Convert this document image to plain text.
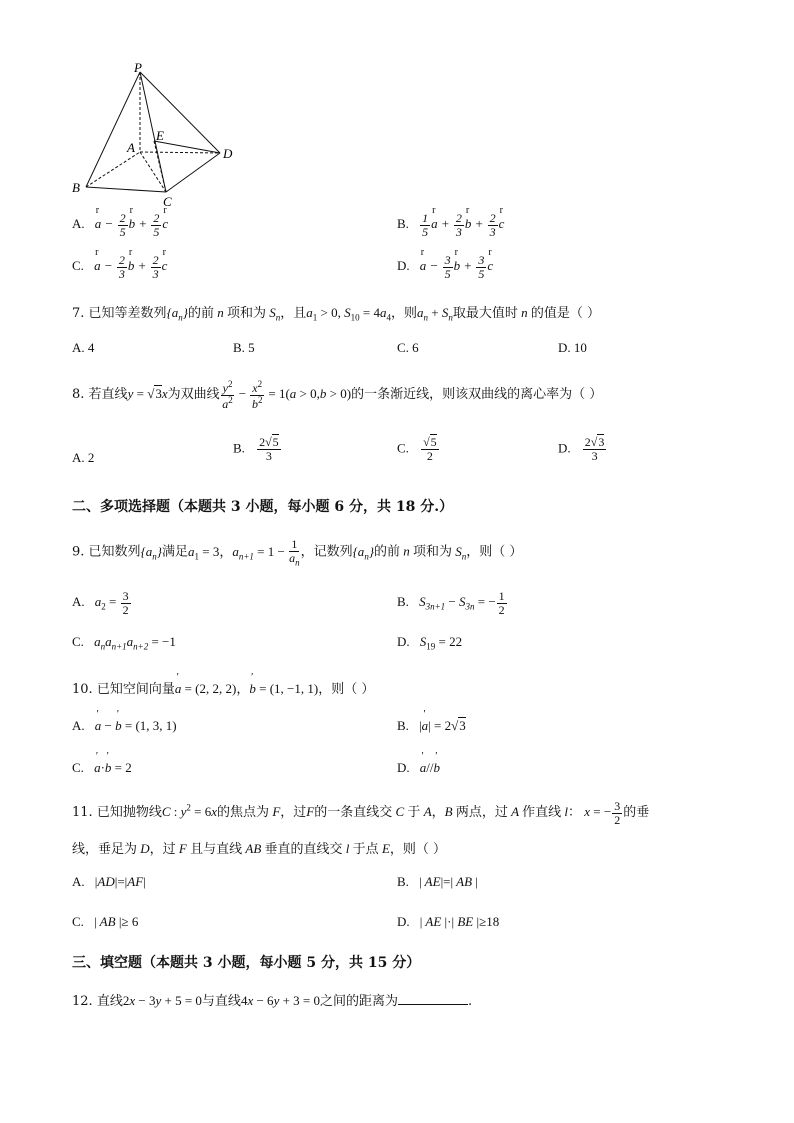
P
E
A	D
B
C
A. r $a - \frac{2}{5}$ r $b + \frac{2}{5}$ r c	B. $\frac{1}{5}$ r $a + \frac{2}{3}$ r $b + \frac{2}{3}$ r c
C. r $a - \frac{2}{3}$ r $b + \frac{2}{3}$ r c	D. r $a - \frac{3}{5}$ r $b + \frac{3}{5}$ r c
7. 已知等差数列$\{a_n\}$的前 n 项和为 $S_n$，且$a_1 > 0$, $S_{10} = 4a_4$，则$a_n + S_n$取最大值时 n 的值是（ ）
A. 4	B. 5	C. 6	D. 10
8. 若直线y = √3x为双曲线 $\frac{y^2}{a^2} - \frac{x^2}{b^2} = 1(a > 0,b > 0)$的一条渐近线，则该双曲线的离心率为（ ）
A. 2
B. $\frac{2√5}{3}$	C. $\frac{√5}{2}$	D. $\frac{2√3}{3}$
二、多项选择题（本题共 3 小题，每小题 6 分，共 18 分.）
9. 已知数列$\{a_n\}$满足$a_1 = 3$，$a_{n+1} = 1 - \frac{1}{a_n}$ ，记数列$\{a_n\}$的前 n 项和为 $S_n$，则（ ）
A. $a_2 = \frac{3}{2}$	B. $S_{3n+1} - S_{3n}$ = − $\frac{1}{2}$
C. $a_na_{n+1}a_{n+2} = -1$	D. $S_{19} = 22$
10. 已知空间向量' a = (2, 2, 2)，' b = (1, −1, 1)，则（ ）
A. ' a − ' b = (1, 3, 1)	B. |' a| = 2√3
C. ' a·' b = 2	D. ' a//' b
11. 已知抛物线C : $y^2 = 6x$的焦点为 F，过F的一条直线交 C 于 A，B 两点，过 A 作直线 l： x = − $\frac{3}{2}$ 的垂
线，垂足为 D，过 F 且与直线 AB 垂直的直线交 l 于点 E，则（ ）
A. |AD|=|AF|	B. | AE|=| AB |
C. | AB |≥ 6	D. | AE |·| BE |≥18
三、填空题（本题共 3 小题，每小题 5 分，共 15 分）
12. 直线2x − 3y + 5 = 0与直线4x − 6y + 3 = 0之间的距离为	.
